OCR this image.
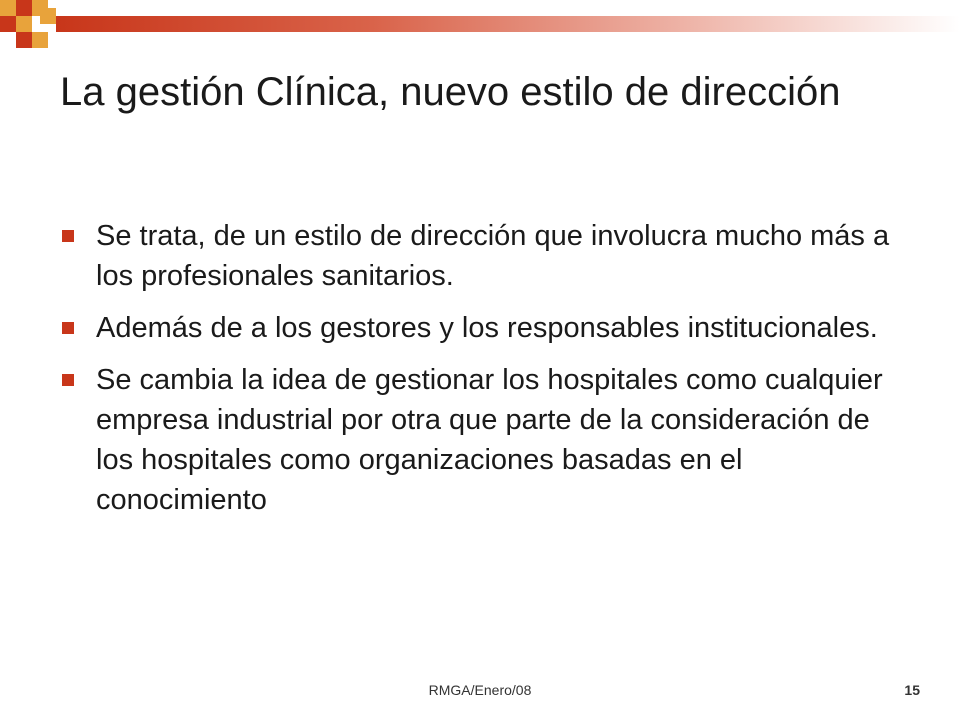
La gestión Clínica, nuevo estilo de dirección
Se trata, de un estilo de dirección que involucra mucho más a los profesionales sanitarios.
Además de a los gestores y los responsables institucionales.
Se cambia la idea de gestionar los hospitales como cualquier empresa industrial por otra que parte de la consideración de los hospitales como organizaciones basadas en el conocimiento
RMGA/Enero/08	15
